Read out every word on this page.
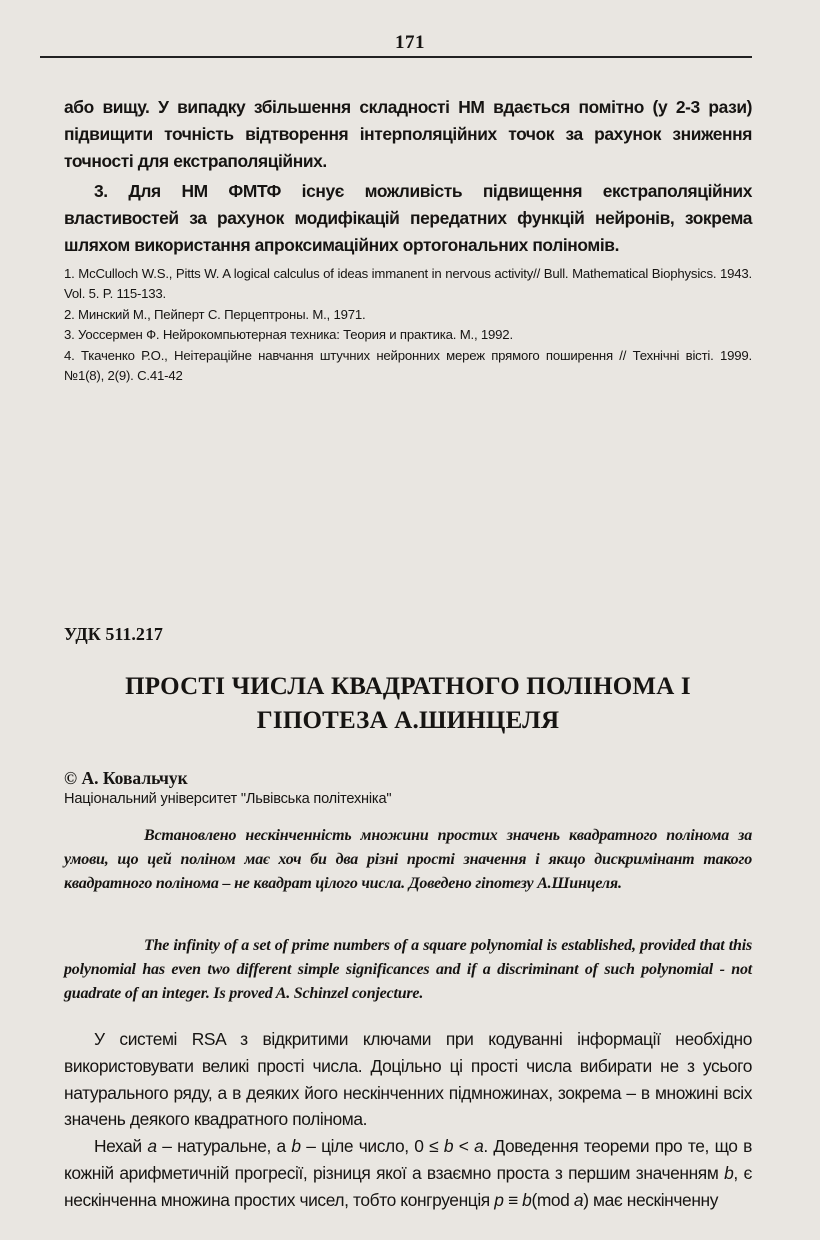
171

або вищу. У випадку збільшення складності НМ вдається помітно (у 2-3 рази) підвищити точність відтворення інтерполяційних точок за рахунок зниження точності для екстраполяційних.

3. Для НМ ФМТФ існує можливість підвищення екстраполяційних властивостей за рахунок модифікацій передатних функцій нейронів, зокрема шляхом використання апроксимаційних ортогональних поліномів.

1. McCulloch W.S., Pitts W. A logical calculus of ideas immanent in nervous activity// Bull. Mathematical Biophysics. 1943. Vol. 5. P. 115-133.
2. Минский М., Пейперт С. Перцептроны. М., 1971.
3. Уоссермен Ф. Нейрокомпьютерная техника: Теория и практика. М., 1992.
4. Ткаченко Р.О., Неітераційне навчання штучних нейронних мереж прямого поширення // Технічні вісті. 1999. №1(8), 2(9). С.41-42
УДК 511.217
ПРОСТІ ЧИСЛА КВАДРАТНОГО ПОЛІНОМА І
ГІПОТЕЗА А.ШИНЦЕЛЯ
© А. Ковальчук
Національний університет "Львівська політехніка"

Встановлено нескінченність множини простих значень квадратного полінома за умови, що цей поліном має хоч би два різні прості значення і якщо дискримінант такого квадратного полінома – не квадрат цілого числа. Доведено гіпотезу А.Шинцеля.

The infinity of a set of prime numbers of a square polynomial is established, provided that this polynomial has even two different simple significances and if a discriminant of such polynomial - not guadrate of an integer. Is proved A. Schinzel conjecture.

У системі RSA з відкритими ключами при кодуванні інформації необхідно використовувати великі прості числа. Доцільно ці прості числа вибирати не з усього натурального ряду, а в деяких його нескінченних підмножинах, зокрема – в множині всіх значень деякого квадратного полінома.

Нехай a – натуральне, а b – ціле число, 0 ≤ b < a. Доведення теореми про те, що в кожній арифметичній прогресії, різниця якої а взаємно проста з першим значенням b, є нескінченна множина простих чисел, тобто конгруенція p ≡ b(mod a) має нескінченну
